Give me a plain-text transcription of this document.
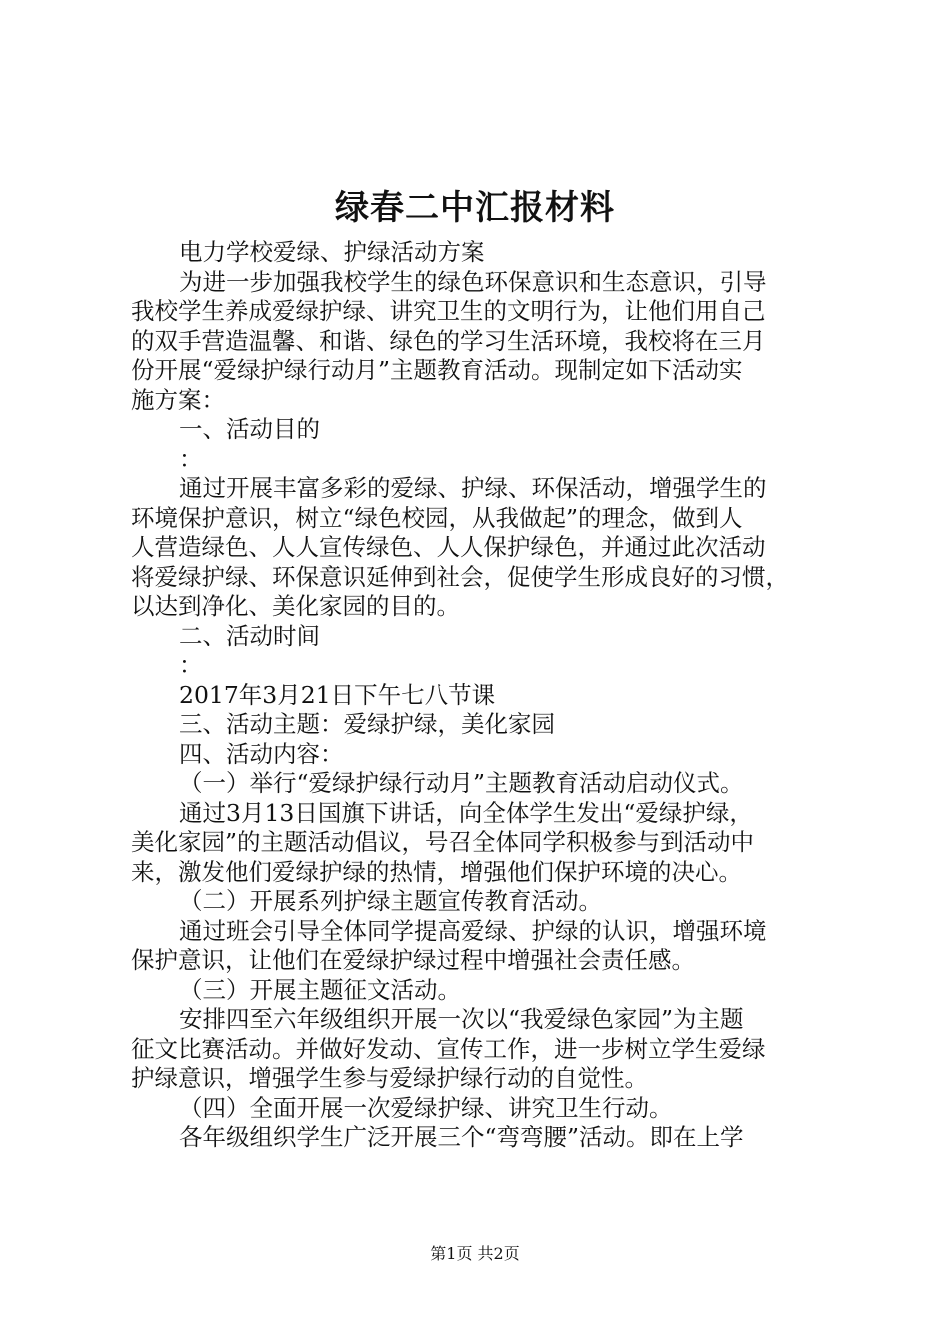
绿春二中汇报材料
电力学校爱绿、护绿活动方案
为进一步加强我校学生的绿色环保意识和生态意识，引导
我校学生养成爱绿护绿、讲究卫生的文明行为，让他们用自己
的双手营造温馨、和谐、绿色的学习生活环境，我校将在三月
份开展“爱绿护绿行动月”主题教育活动。现制定如下活动实
施方案：
一、活动目的
：
通过开展丰富多彩的爱绿、护绿、环保活动，增强学生的
环境保护意识，树立“绿色校园，从我做起”的理念，做到人
人营造绿色、人人宣传绿色、人人保护绿色，并通过此次活动
将爱绿护绿、环保意识延伸到社会，促使学生形成良好的习惯，
以达到净化、美化家园的目的。
二、活动时间
：
2017年3月21日下午七八节课
三、活动主题：爱绿护绿，美化家园
四、活动内容：
（一）举行“爱绿护绿行动月”主题教育活动启动仪式。
通过3月13日国旗下讲话，向全体学生发出“爱绿护绿，
美化家园”的主题活动倡议，号召全体同学积极参与到活动中
来，激发他们爱绿护绿的热情，增强他们保护环境的决心。
（二）开展系列护绿主题宣传教育活动。
通过班会引导全体同学提高爱绿、护绿的认识，增强环境
保护意识，让他们在爱绿护绿过程中增强社会责任感。
（三）开展主题征文活动。
安排四至六年级组织开展一次以“我爱绿色家园”为主题
征文比赛活动。并做好发动、宣传工作，进一步树立学生爱绿
护绿意识，增强学生参与爱绿护绿行动的自觉性。
（四）全面开展一次爱绿护绿、讲究卫生行动。
各年级组织学生广泛开展三个“弯弯腰”活动。即在上学
第1页 共2页
